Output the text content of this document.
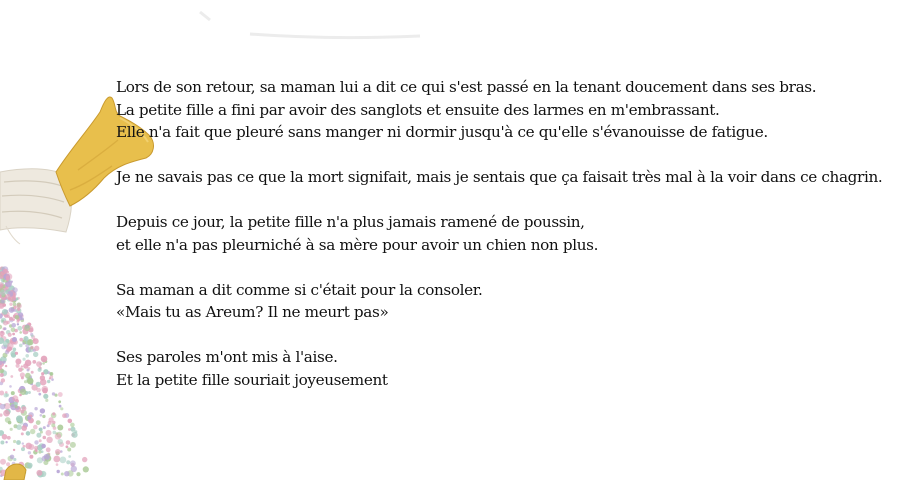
Lors de son retour, sa maman lui a dit ce qui s'est passé en la tenant doucement dans ses bras.
La petite fille a fini par avoir des sanglots et ensuite des larmes en m'embrassant.
Elle n'a fait que pleuré sans manger ni dormir jusqu'à ce qu'elle s'évanouisse de fatigue.

Je ne savais pas ce que la mort signifait, mais je sentais que ça faisait très mal à la voir dans ce chagrin.

Depuis ce jour, la petite fille n'a plus jamais ramené de poussin,
et elle n'a pas pleurniché à sa mère pour avoir un chien non plus.

Sa maman a dit comme si c'était pour la consoler.
«Mais tu as Areum? Il ne meurt pas»

Ses paroles m'ont mis à l'aise.
Et la petite fille souriait joyeusement
